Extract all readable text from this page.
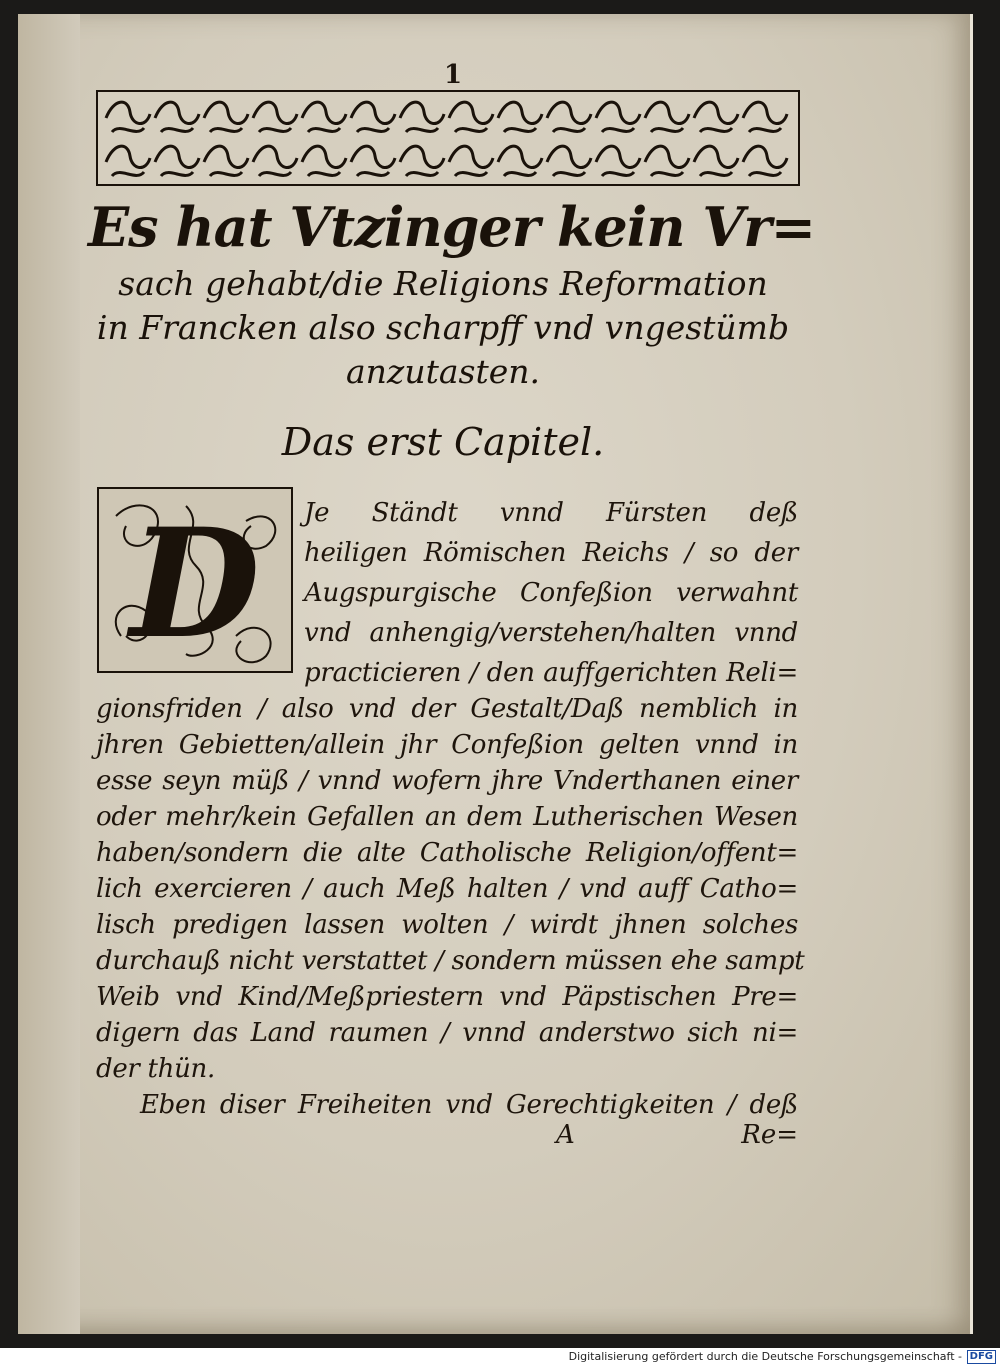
1
Es hat Vtzinger kein Vr=
sach gehabt/die Religions Reformation
in Francken also scharpff vnd vngestümb
anzutasten.
Das erst Capitel.
D Je Ständt vnnd Fürsten deß
heiligen Römischen Reichs / so der
Augspurgische Confeßion verwahnt
vnd anhengig/verstehen/halten vnnd
practicieren / den auffgerichten Reli=
gionsfriden / also vnd der Gestalt/Daß nemblich in
jhren Gebietten/allein jhr Confeßion gelten vnnd in
esse seyn müß / vnnd wofern jhre Vnderthanen einer
oder mehr/kein Gefallen an dem Lutherischen Wesen
haben/sondern die alte Catholische Religion/offent=
lich exercieren / auch Meß halten / vnd auff Catho=
lisch predigen lassen wolten / wirdt jhnen solches
durchauß nicht verstattet / sondern müssen ehe sampt
Weib vnd Kind/Meßpriestern vnd Päpstischen Pre=
digern das Land raumen / vnnd anderstwo sich ni=
der thün.
Eben diser Freiheiten vnd Gerechtigkeiten / deß
A	Re=
Digitalisierung gefördert durch die Deutsche Forschungsgemeinschaft - DFG
